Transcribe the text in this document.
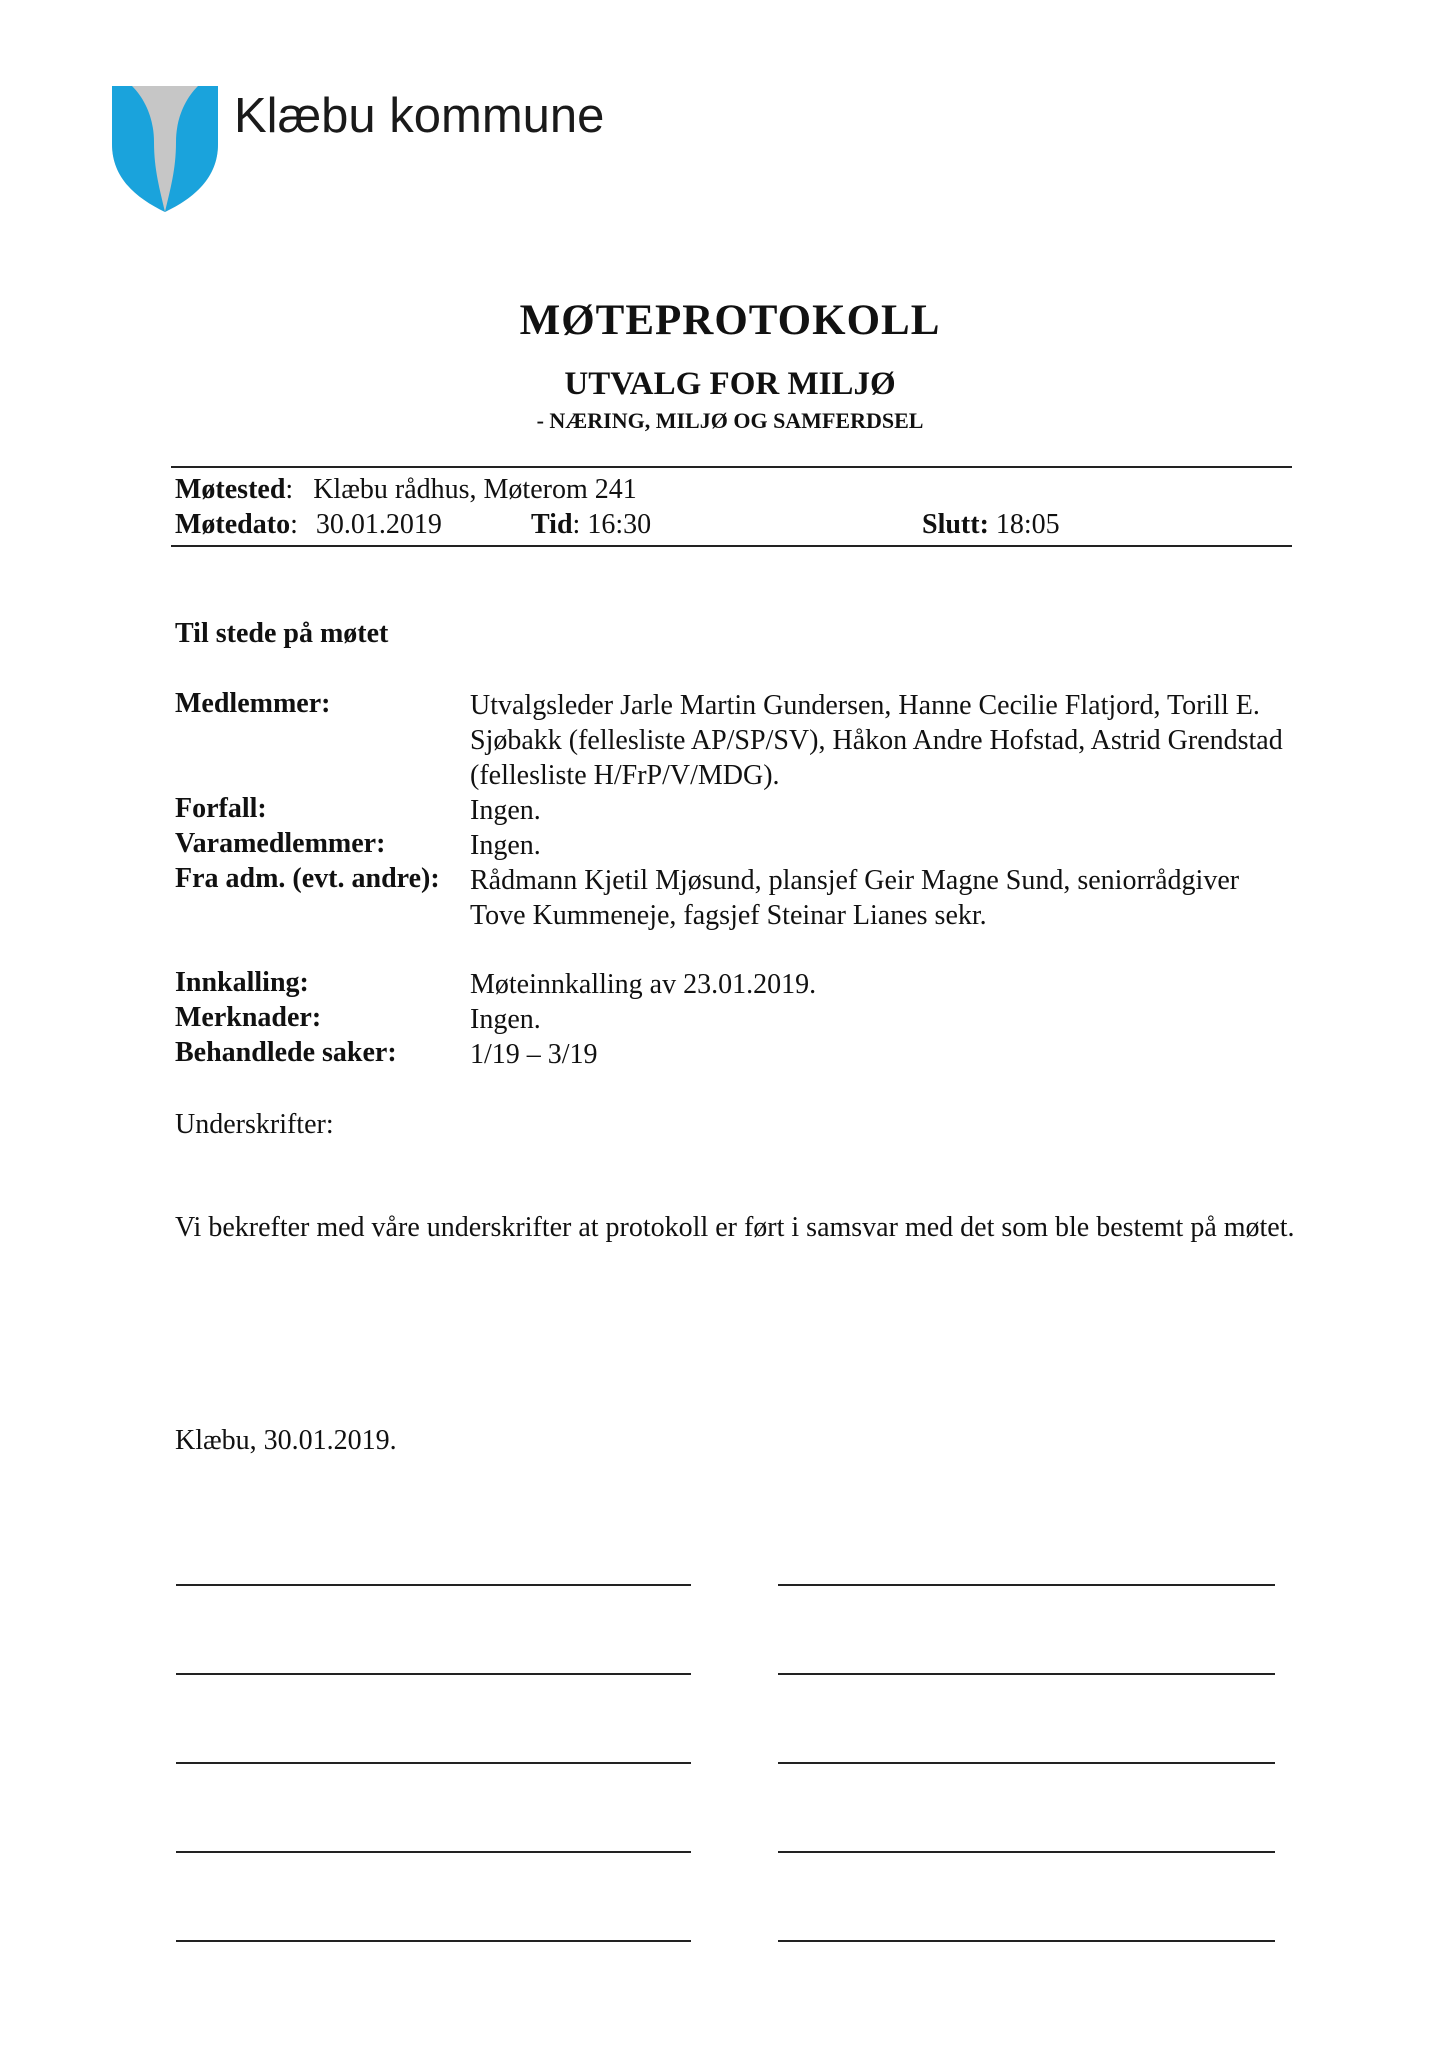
Klæbu kommune
MØTEPROTOKOLL
UTVALG FOR MILJØ
- NÆRING, MILJØ OG SAMFERDSEL
Møtested:  Klæbu rådhus, Møterom 241
Møtedato:  30.01.2019	Tid: 16:30	Slutt: 18:05
Til stede på møtet
Medlemmer:	Utvalgsleder Jarle Martin Gundersen, Hanne Cecilie Flatjord, Torill E. Sjøbakk (fellesliste AP/SP/SV), Håkon Andre Hofstad, Astrid Grendstad (fellesliste H/FrP/V/MDG).
Forfall:	Ingen.
Varamedlemmer:	Ingen.
Fra adm. (evt. andre): Rådmann Kjetil Mjøsund, plansjef Geir Magne Sund, seniorrådgiver Tove Kummeneje, fagsjef Steinar Lianes sekr.
Innkalling:	Møteinnkalling av 23.01.2019.
Merknader:	Ingen.
Behandlede saker:	1/19 – 3/19
Underskrifter:
Vi bekrefter med våre underskrifter at protokoll er ført i samsvar med det som ble bestemt på møtet.
Klæbu, 30.01.2019.
